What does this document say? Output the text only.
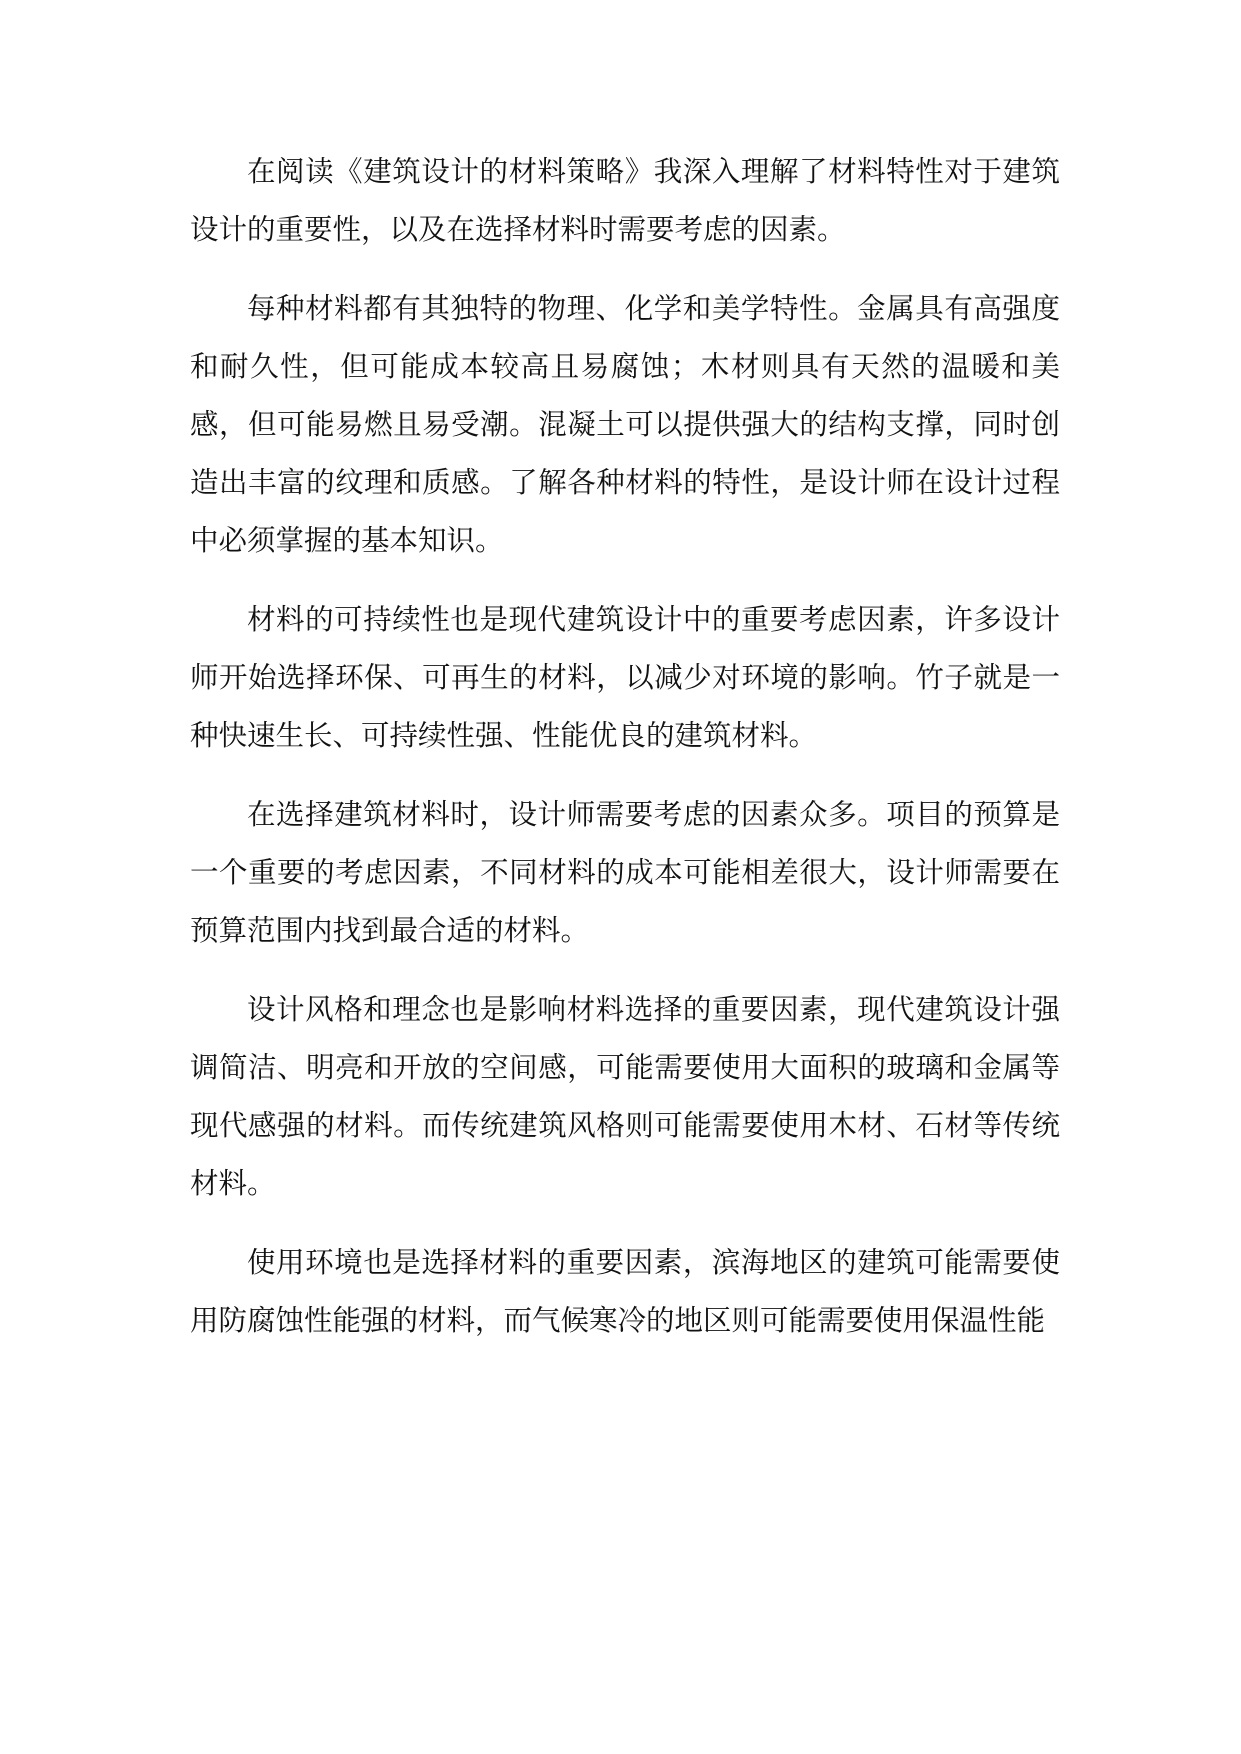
在阅读《建筑设计的材料策略》我深入理解了材料特性对于建筑设计的重要性，以及在选择材料时需要考虑的因素。

每种材料都有其独特的物理、化学和美学特性。金属具有高强度和耐久性，但可能成本较高且易腐蚀；木材则具有天然的温暖和美感，但可能易燃且易受潮。混凝土可以提供强大的结构支撑，同时创造出丰富的纹理和质感。了解各种材料的特性，是设计师在设计过程中必须掌握的基本知识。

材料的可持续性也是现代建筑设计中的重要考虑因素，许多设计师开始选择环保、可再生的材料，以减少对环境的影响。竹子就是一种快速生长、可持续性强、性能优良的建筑材料。

在选择建筑材料时，设计师需要考虑的因素众多。项目的预算是一个重要的考虑因素，不同材料的成本可能相差很大，设计师需要在预算范围内找到最合适的材料。

设计风格和理念也是影响材料选择的重要因素，现代建筑设计强调简洁、明亮和开放的空间感，可能需要使用大面积的玻璃和金属等现代感强的材料。而传统建筑风格则可能需要使用木材、石材等传统材料。

使用环境也是选择材料的重要因素，滨海地区的建筑可能需要使用防腐蚀性能强的材料，而气候寒冷的地区则可能需要使用保温性能
